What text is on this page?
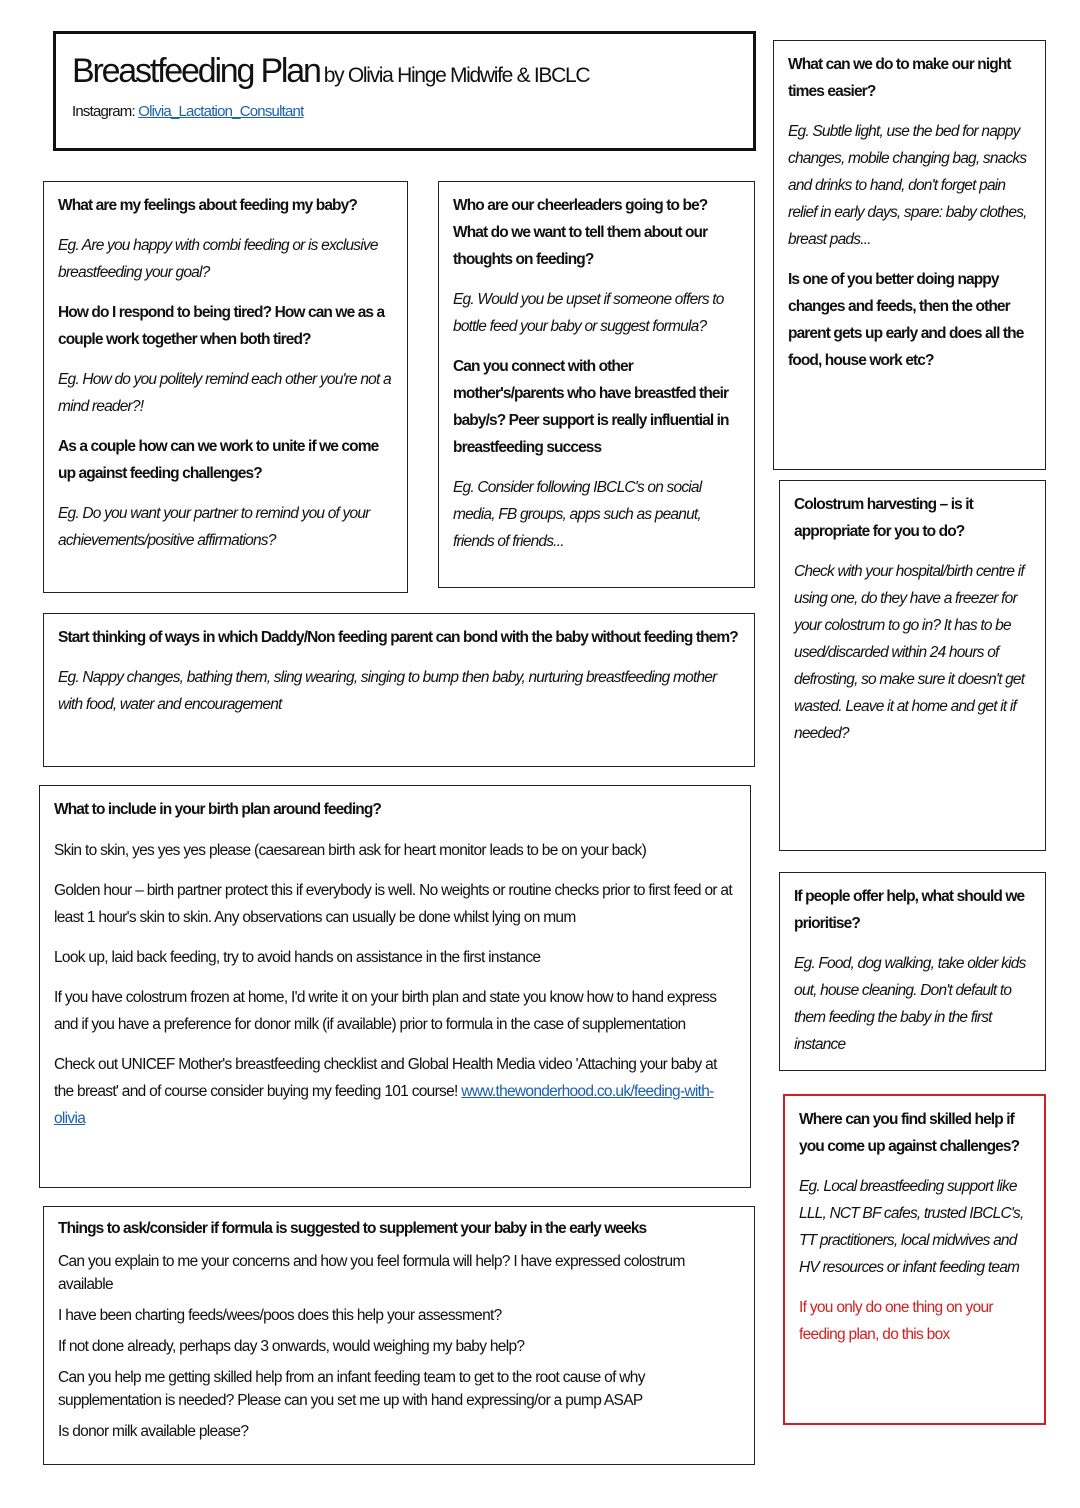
Breastfeeding Plan by Olivia Hinge Midwife & IBCLC
Instagram: Olivia_Lactation_Consultant

What are my feelings about feeding my baby?

Eg. Are you happy with combi feeding or is exclusive breastfeeding your goal?

How do I respond to being tired? How can we as a couple work together when both tired?

Eg. How do you politely remind each other you're not a mind reader?!

As a couple how can we work to unite if we come up against feeding challenges?

Eg. Do you want your partner to remind you of your achievements/positive affirmations?

Who are our cheerleaders going to be? What do we want to tell them about our thoughts on feeding?

Eg. Would you be upset if someone offers to bottle feed your baby or suggest formula?

Can you connect with other mother's/parents who have breastfed their baby/s? Peer support is really influential in breastfeeding success

Eg. Consider following IBCLC's on social media, FB groups, apps such as peanut, friends of friends...

What can we do to make our night times easier?

Eg. Subtle light, use the bed for nappy changes, mobile changing bag, snacks and drinks to hand, don't forget pain relief in early days, spare: baby clothes, breast pads...

Is one of you better doing nappy changes and feeds, then the other parent gets up early and does all the food, house work etc?

Colostrum harvesting – is it appropriate for you to do?

Check with your hospital/birth centre if using one, do they have a freezer for your colostrum to go in? It has to be used/discarded within 24 hours of defrosting, so make sure it doesn't get wasted. Leave it at home and get it if needed?

Start thinking of ways in which Daddy/Non feeding parent can bond with the baby without feeding them?

Eg. Nappy changes, bathing them, sling wearing, singing to bump then baby, nurturing breastfeeding mother with food, water and encouragement

What to include in your birth plan around feeding?

Skin to skin, yes yes yes please (caesarean birth ask for heart monitor leads to be on your back)

Golden hour – birth partner protect this if everybody is well. No weights or routine checks prior to first feed or at least 1 hour's skin to skin. Any observations can usually be done whilst lying on mum

Look up, laid back feeding, try to avoid hands on assistance in the first instance

If you have colostrum frozen at home, I'd write it on your birth plan and state you know how to hand express and if you have a preference for donor milk (if available) prior to formula in the case of supplementation

Check out UNICEF Mother's breastfeeding checklist and Global Health Media video 'Attaching your baby at the breast' and of course consider buying my feeding 101 course! www.thewonderhood.co.uk/feeding-with-olivia

If people offer help, what should we prioritise?

Eg. Food, dog walking, take older kids out, house cleaning. Don't default to them feeding the baby in the first instance

Where can you find skilled help if you come up against challenges?

Eg. Local breastfeeding support like LLL, NCT BF cafes, trusted IBCLC's, TT practitioners, local midwives and HV resources or infant feeding team

If you only do one thing on your feeding plan, do this box

Things to ask/consider if formula is suggested to supplement your baby in the early weeks

Can you explain to me your concerns and how you feel formula will help? I have expressed colostrum available

I have been charting feeds/wees/poos does this help your assessment?

If not done already, perhaps day 3 onwards, would weighing my baby help?

Can you help me getting skilled help from an infant feeding team to get to the root cause of why supplementation is needed? Please can you set me up with hand expressing/or a pump ASAP

Is donor milk available please?
